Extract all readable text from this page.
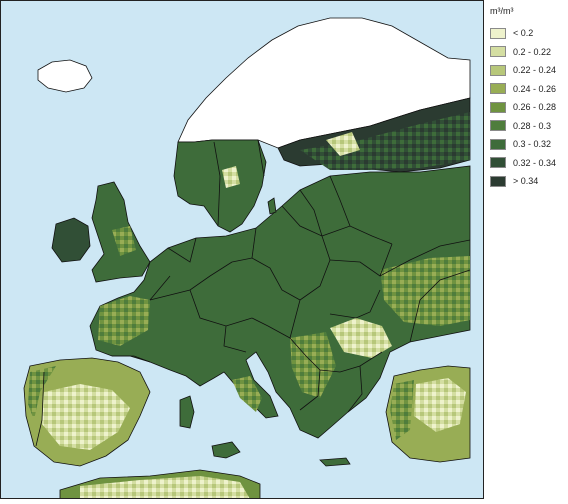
m³/m³
< 0.2
0.2 - 0.22
0.22 - 0.24
0.24 - 0.26
0.26 - 0.28
0.28 - 0.3
0.3 - 0.32
0.32 - 0.34
> 0.34
